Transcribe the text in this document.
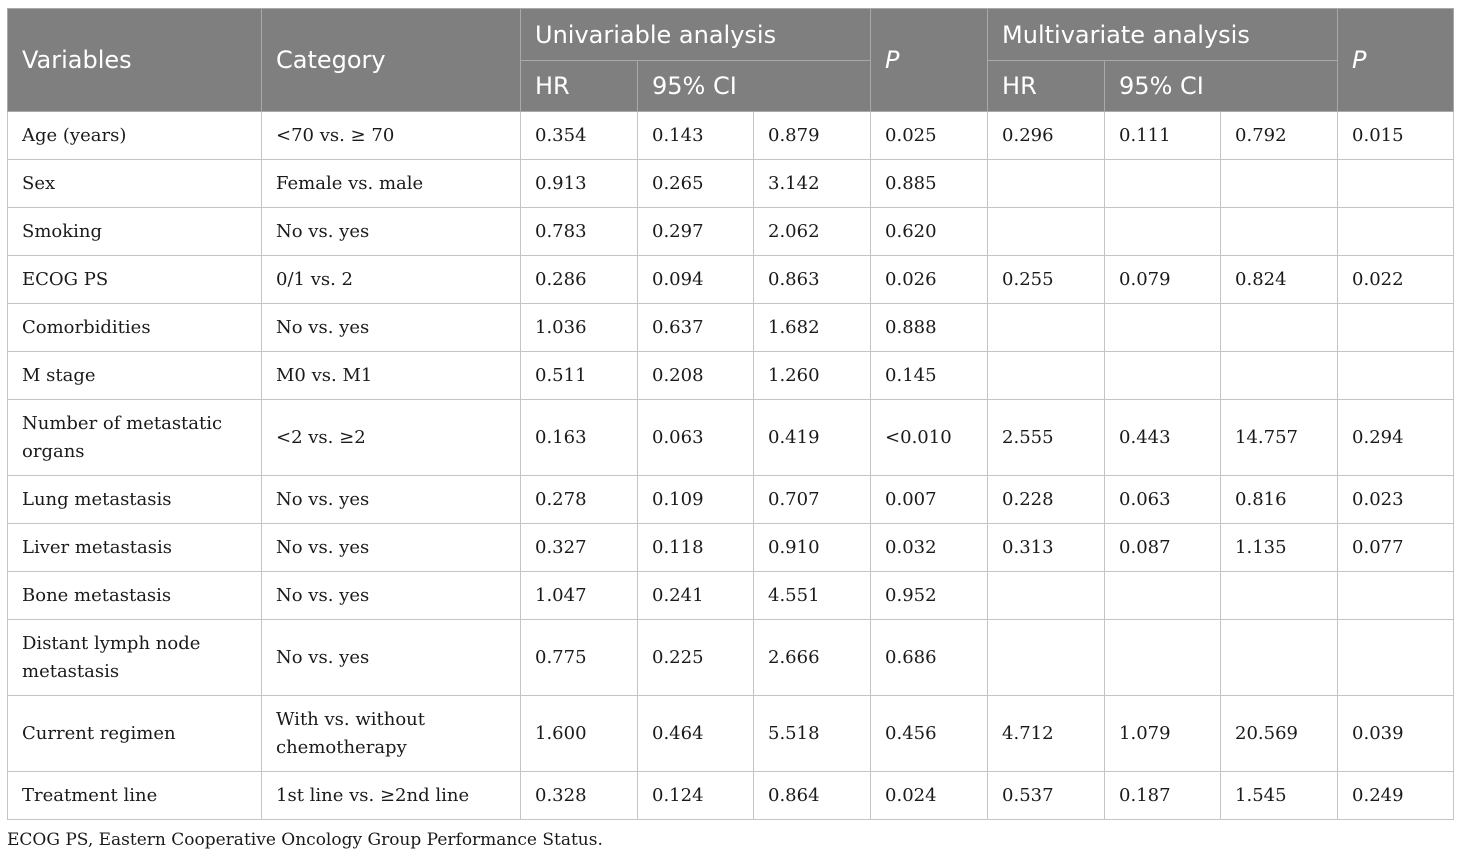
Variables	Category	Univariable analysis			P	Multivariate analysis			P
		HR	95% CI			HR	95% CI		
Age (years)	<70 vs. ≥ 70	0.354	0.143	0.879	0.025	0.296	0.111	0.792	0.015
Sex	Female vs. male	0.913	0.265	3.142	0.885				
Smoking	No vs. yes	0.783	0.297	2.062	0.620				
ECOG PS	0/1 vs. 2	0.286	0.094	0.863	0.026	0.255	0.079	0.824	0.022
Comorbidities	No vs. yes	1.036	0.637	1.682	0.888				
M stage	M0 vs. M1	0.511	0.208	1.260	0.145				
Number of metastatic organs	<2 vs. ≥2	0.163	0.063	0.419	<0.010	2.555	0.443	14.757	0.294
Lung metastasis	No vs. yes	0.278	0.109	0.707	0.007	0.228	0.063	0.816	0.023
Liver metastasis	No vs. yes	0.327	0.118	0.910	0.032	0.313	0.087	1.135	0.077
Bone metastasis	No vs. yes	1.047	0.241	4.551	0.952				
Distant lymph node metastasis	No vs. yes	0.775	0.225	2.666	0.686				
Current regimen	With vs. without chemotherapy	1.600	0.464	5.518	0.456	4.712	1.079	20.569	0.039
Treatment line	1st line vs. ≥2nd line	0.328	0.124	0.864	0.024	0.537	0.187	1.545	0.249
ECOG PS, Eastern Cooperative Oncology Group Performance Status.
